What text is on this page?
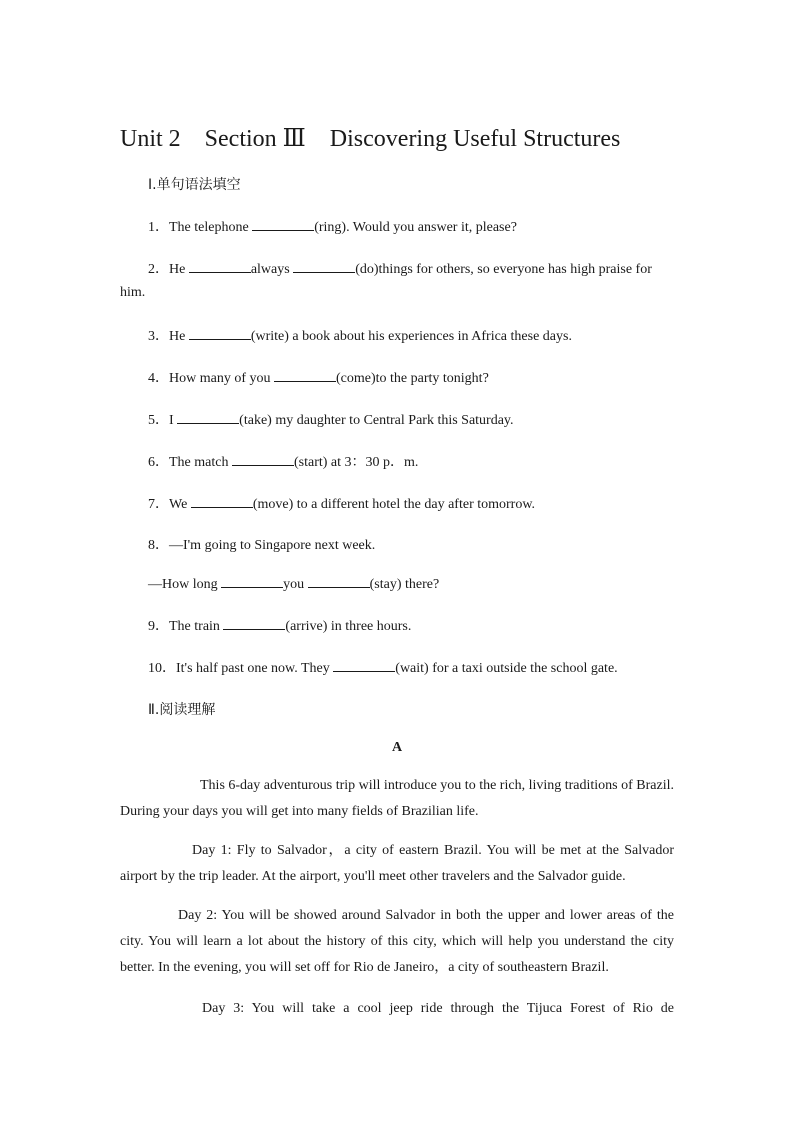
Unit 2　Section Ⅲ　Discovering Useful Structures
Ⅰ.单句语法填空
1．The telephone	(ring). Would you answer it, please?
2．He	always	(do)things for others, so everyone has high praise for
him.
3．He	(write) a book about his experiences in Africa these days.
4．How many of you	(come)to the party tonight?
5．I	(take) my daughter to Central Park this Saturday.
6．The match	(start) at 3：30 p．m.
7．We	(move) to a different hotel the day after tomorrow.
8．—I'm going to Singapore next week.
—How long	you	(stay) there?
9．The train	(arrive) in three hours.
10．It's half past one now. They	(wait) for a taxi outside the school gate.
Ⅱ.阅读理解
A
This 6-day adventurous trip will introduce you to the rich, living traditions of Brazil. During your days you will get into many fields of Brazilian life.
Day 1: Fly to Salvador，a city of eastern Brazil. You will be met at the Salvador airport by the trip leader. At the airport, you'll meet other travelers and the Salvador guide.
Day 2: You will be showed around Salvador in both the upper and lower areas of the city. You will learn a lot about the history of this city, which will help you understand the city better. In the evening, you will set off for Rio de Janeiro，a city of southeastern Brazil.
Day 3: You will take a cool jeep ride through the Tijuca Forest of Rio de
